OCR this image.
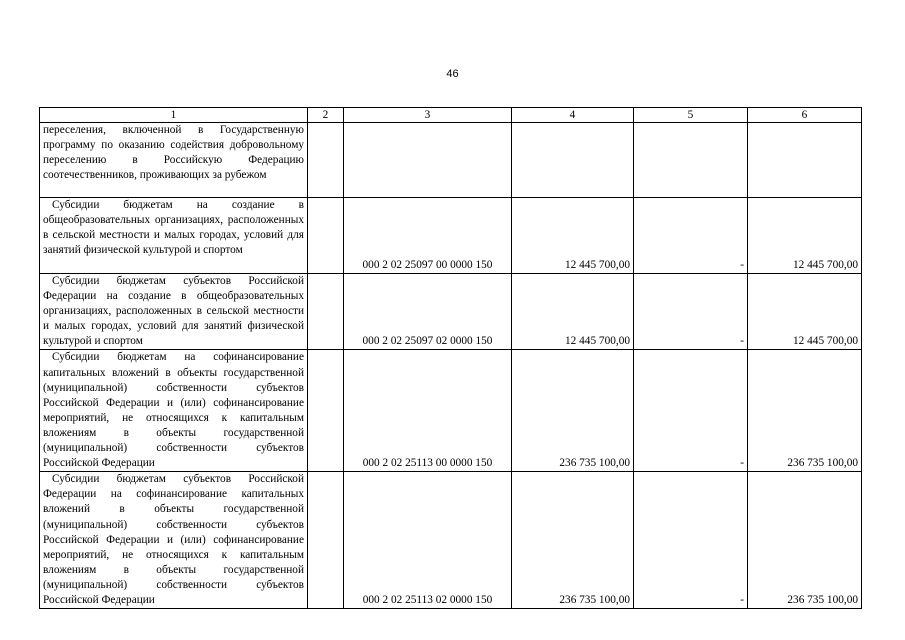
46
1	2	3	4	5	6
переселения, включенной в Государственную программу по оказанию содействия добровольному переселению в Российскую Федерацию соотечественников, проживающих за рубежом					
Субсидии бюджетам на создание в общеобразовательных организациях, расположенных в сельской местности и малых городах, условий для занятий физической культурой и спортом		000 2 02 25097 00 0000 150	12 445 700,00	-	12 445 700,00
Субсидии бюджетам субъектов Российской Федерации на создание в общеобразовательных организациях, расположенных в сельской местности и малых городах, условий для занятий физической культурой и спортом		000 2 02 25097 02 0000 150	12 445 700,00	-	12 445 700,00
Субсидии бюджетам на софинансирование капитальных вложений в объекты государственной (муниципальной) собственности субъектов Российской Федерации и (или) софинансирование мероприятий, не относящихся к капитальным вложениям в объекты государственной (муниципальной) собственности субъектов Российской Федерации		000 2 02 25113 00 0000 150	236 735 100,00	-	236 735 100,00
Субсидии бюджетам субъектов Российской Федерации на софинансирование капитальных вложений в объекты государственной (муниципальной) собственности субъектов Российской Федерации и (или) софинансирование мероприятий, не относящихся к капитальным вложениям в объекты государственной (муниципальной) собственности субъектов Российской Федерации		000 2 02 25113 02 0000 150	236 735 100,00	-	236 735 100,00
